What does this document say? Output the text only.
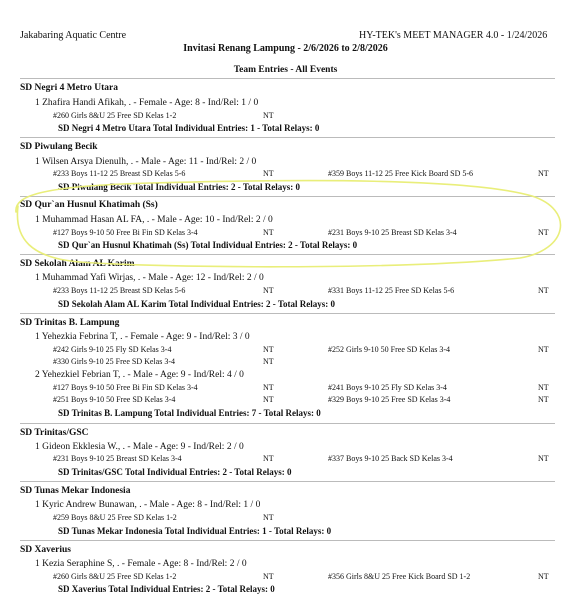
Jakabaring Aquatic Centre	HY-TEK's MEET MANAGER 4.0 - 1/24/2026
Invitasi Renang Lampung - 2/6/2026 to 2/8/2026
Team Entries - All Events
SD Negri 4 Metro Utara
1 Zhafira Handi Afikah, . - Female - Age: 8 - Ind/Rel: 1 / 0
#260 Girls 8&U 25 Free SD Kelas 1-2	NT
SD Negri 4 Metro Utara Total Individual Entries: 1 - Total Relays: 0
SD Piwulang Becik
1 Wilsen Arsya Dienulh, . - Male - Age: 11 - Ind/Rel: 2 / 0
#233 Boys 11-12 25 Breast SD Kelas 5-6	NT	#359 Boys 11-12 25 Free Kick Board SD 5-6	NT
SD Piwulang Becik Total Individual Entries: 2 - Total Relays: 0
SD Qur`an Husnul Khatimah (Ss)
1 Muhammad Hasan AL FA, . - Male - Age: 10 - Ind/Rel: 2 / 0
#127 Boys 9-10 50 Free Bi Fin SD Kelas 3-4	NT	#231 Boys 9-10 25 Breast SD Kelas 3-4	NT
SD Qur`an Husnul Khatimah (Ss) Total Individual Entries: 2 - Total Relays: 0
SD Sekolah Alam AL Karim
1 Muhammad Yafi Wirjas, . - Male - Age: 12 - Ind/Rel: 2 / 0
#233 Boys 11-12 25 Breast SD Kelas 5-6	NT	#331 Boys 11-12 25 Free SD Kelas 5-6	NT
SD Sekolah Alam AL Karim Total Individual Entries: 2 - Total Relays: 0
SD Trinitas B. Lampung
1 Yehezkia Febrina T, . - Female - Age: 9 - Ind/Rel: 3 / 0
#242 Girls 9-10 25 Fly SD Kelas 3-4	NT	#252 Girls 9-10 50 Free SD Kelas 3-4	NT
#330 Girls 9-10 25 Free SD Kelas 3-4	NT
2 Yehezkiel Febrian T, . - Male - Age: 9 - Ind/Rel: 4 / 0
#127 Boys 9-10 50 Free Bi Fin SD Kelas 3-4	NT	#241 Boys 9-10 25 Fly SD Kelas 3-4	NT
#251 Boys 9-10 50 Free SD Kelas 3-4	NT	#329 Boys 9-10 25 Free SD Kelas 3-4	NT
SD Trinitas B. Lampung Total Individual Entries: 7 - Total Relays: 0
SD Trinitas/GSC
1 Gideon Ekklesia W., . - Male - Age: 9 - Ind/Rel: 2 / 0
#231 Boys 9-10 25 Breast SD Kelas 3-4	NT	#337 Boys 9-10 25 Back SD Kelas 3-4	NT
SD Trinitas/GSC Total Individual Entries: 2 - Total Relays: 0
SD Tunas Mekar Indonesia
1 Kyric Andrew Bunawan, . - Male - Age: 8 - Ind/Rel: 1 / 0
#259 Boys 8&U 25 Free SD Kelas 1-2	NT
SD Tunas Mekar Indonesia Total Individual Entries: 1 - Total Relays: 0
SD Xaverius
1 Kezia Seraphine S, . - Female - Age: 8 - Ind/Rel: 2 / 0
#260 Girls 8&U 25 Free SD Kelas 1-2	NT	#356 Girls 8&U 25 Free Kick Board SD 1-2	NT
SD Xaverius Total Individual Entries: 2 - Total Relays: 0
